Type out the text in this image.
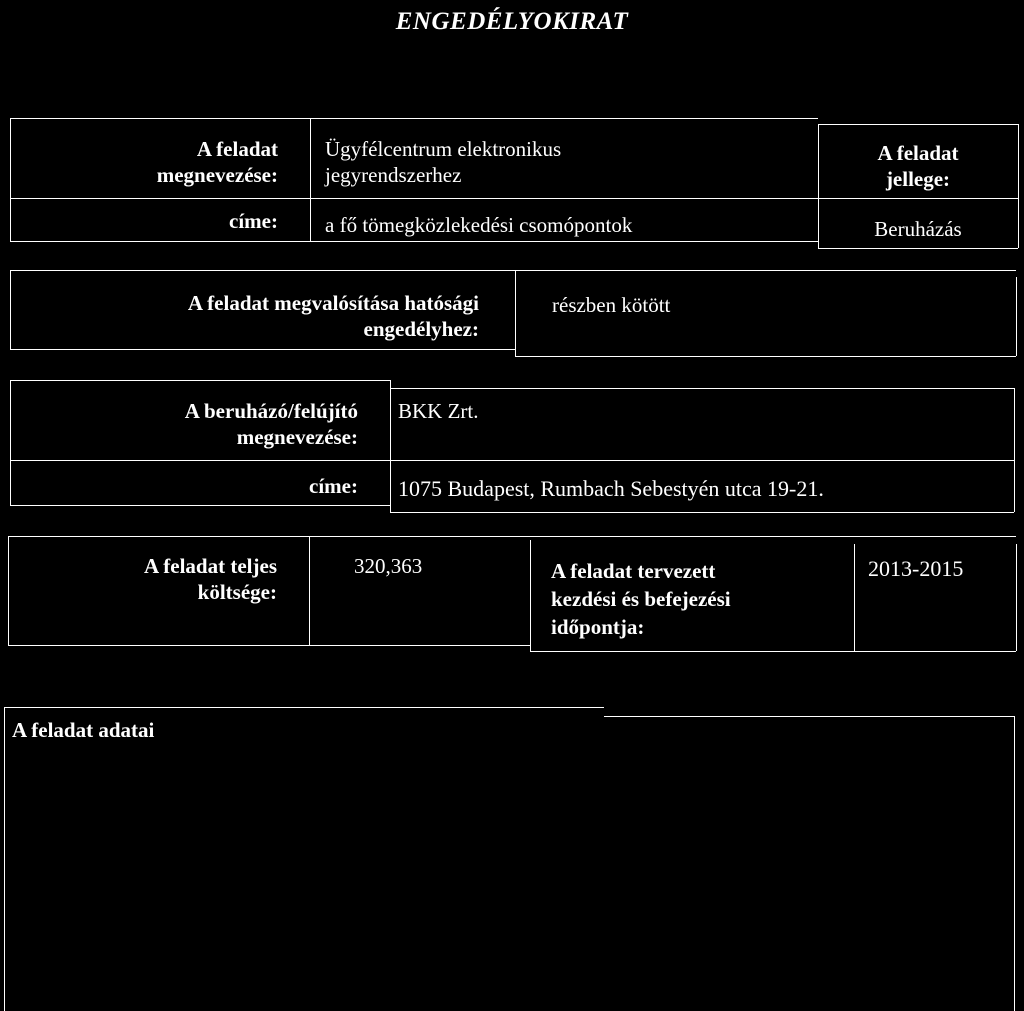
ENGEDÉLYOKIRAT
A feladat
megnevezése:
Ügyfélcentrum elektronikus
jegyrendszerhez
A feladat
jellege:
címe: a fő tömegközlekedési csomópontok	Beruházás
A feladat megvalósítása hatósági
engedélyhez:
részben kötött
A beruházó/felújító
megnevezése:
BKK Zrt.
címe: 1075 Budapest, Rumbach Sebestyén utca 19-21.
A feladat teljes
költsége:
320,363	A feladat tervezett
kezdési és befejezési
időpontja:
2013-2015
A feladat adatai
